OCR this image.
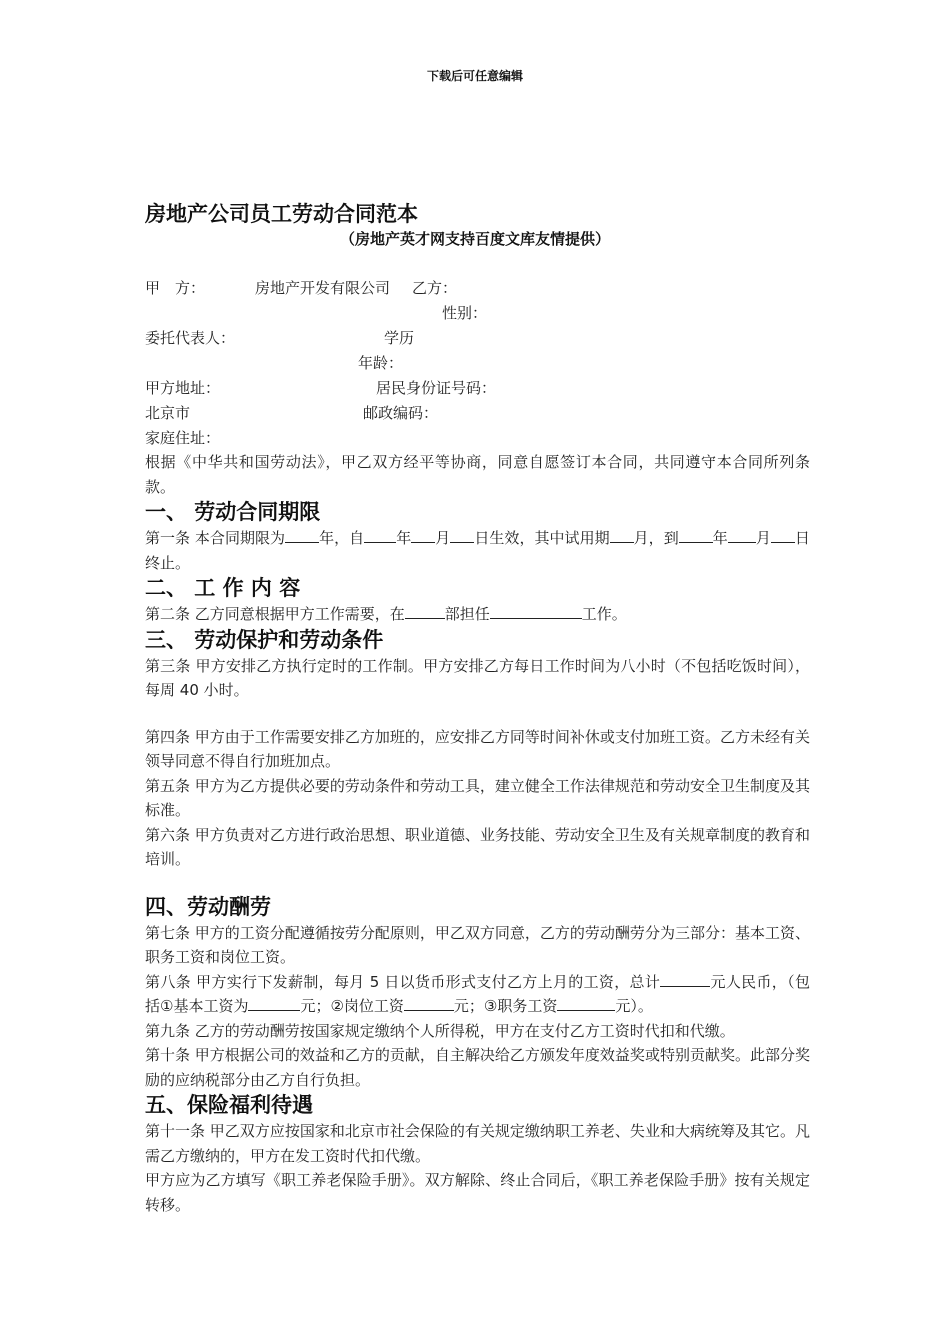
下载后可任意编辑
房地产公司员工劳动合同范本
（房地产英才网支持百度文库友情提供）
甲　方：	房地产开发有限公司 乙方：
性别：
委托代表人：	学历
年龄：
甲方地址：	居民身份证号码：
北京市	邮政编码：
家庭住址：

根据《中华共和国劳动法》，甲乙双方经平等协商，同意自愿签订本合同，共同遵守本合同所列条款。

一、 劳动合同期限

第一条 本合同期限为 年，自 年 月 日生效，其中试用期 月，到 年 月 日终止。

二、 工 作 内 容

第二条 乙方同意根据甲方工作需要，在	部担任	工作。

三、 劳动保护和劳动条件

第三条 甲方安排乙方执行定时的工作制。甲方安排乙方每日工作时间为八小时（不包括吃饭时间），每周 40 小时。

第四条 甲方由于工作需要安排乙方加班的，应安排乙方同等时间补休或支付加班工资。乙方未经有关领导同意不得自行加班加点。

第五条 甲方为乙方提供必要的劳动条件和劳动工具，建立健全工作法律规范和劳动安全卫生制度及其标准。

第六条 甲方负责对乙方进行政治思想、职业道德、业务技能、劳动安全卫生及有关规章制度的教育和培训。

四、劳动酬劳

第七条 甲方的工资分配遵循按劳分配原则，甲乙双方同意，乙方的劳动酬劳分为三部分：基本工资、职务工资和岗位工资。

第八条 甲方实行下发薪制，每月 5 日以货币形式支付乙方上月的工资，总计	元人民币，（包括①基本工资为	元；②岗位工资	元；③职务工资	元）。

第九条 乙方的劳动酬劳按国家规定缴纳个人所得税，甲方在支付乙方工资时代扣和代缴。

第十条 甲方根据公司的效益和乙方的贡献，自主解决给乙方颁发年度效益奖或特别贡献奖。此部分奖励的应纳税部分由乙方自行负担。

五、保险福利待遇

第十一条 甲乙双方应按国家和北京市社会保险的有关规定缴纳职工养老、失业和大病统筹及其它。凡需乙方缴纳的，甲方在发工资时代扣代缴。

甲方应为乙方填写《职工养老保险手册》。双方解除、终止合同后，《职工养老保险手册》按有关规定转移。
